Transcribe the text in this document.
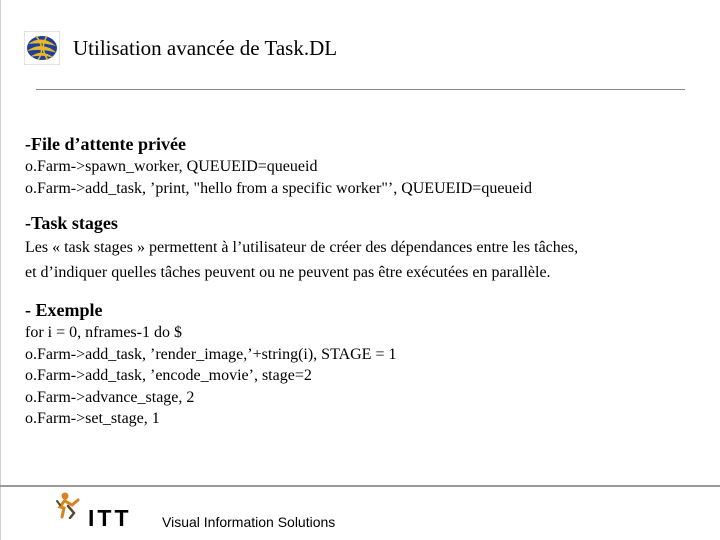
Utilisation avancée de Task.DL
-File d’attente privée
o.Farm->spawn_worker, QUEUEID=queueid
o.Farm->add_task, ’print, "hello from a specific worker"’, QUEUEID=queueid
-Task stages
Les « task stages » permettent à l’utilisateur de créer des dépendances entre les tâches,
et d’indiquer quelles tâches peuvent ou ne peuvent pas être exécutées en parallèle.
- Exemple
for i = 0, nframes-1 do $
o.Farm->add_task, ’render_image,’+string(i), STAGE = 1
o.Farm->add_task, ’encode_movie’, stage=2
o.Farm->advance_stage, 2
o.Farm->set_stage, 1
ITT Visual Information Solutions
